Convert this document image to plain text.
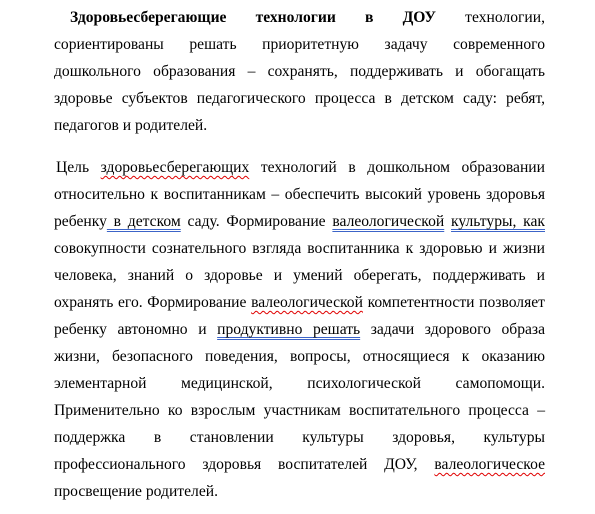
Здоровьесберегающие технологии в ДОУ технологии,
сориентированы решать приоритетную задачу современного
дошкольного образования – сохранять, поддерживать и обогащать
здоровье субъектов педагогического процесса в детском саду: ребят,
педагогов и родителей.
Цель здоровьесберегающих технологий в дошкольном образовании
относительно к воспитанникам – обеспечить высокий уровень здоровья
ребенку в детском саду. Формирование валеологической культуры, как
совокупности сознательного взгляда воспитанника к здоровью и жизни
человека, знаний о здоровье и умений оберегать, поддерживать и
охранять его. Формирование валеологической компетентности позволяет
ребенку автономно и продуктивно решать задачи здорового образа
жизни, безопасного поведения, вопросы, относящиеся к оказанию
элементарной медицинской, психологической самопомощи.
Применительно ко взрослым участникам воспитательного процесса –
поддержка в становлении культуры здоровья, культуры
профессионального здоровья воспитателей ДОУ, валеологическое
просвещение родителей.
